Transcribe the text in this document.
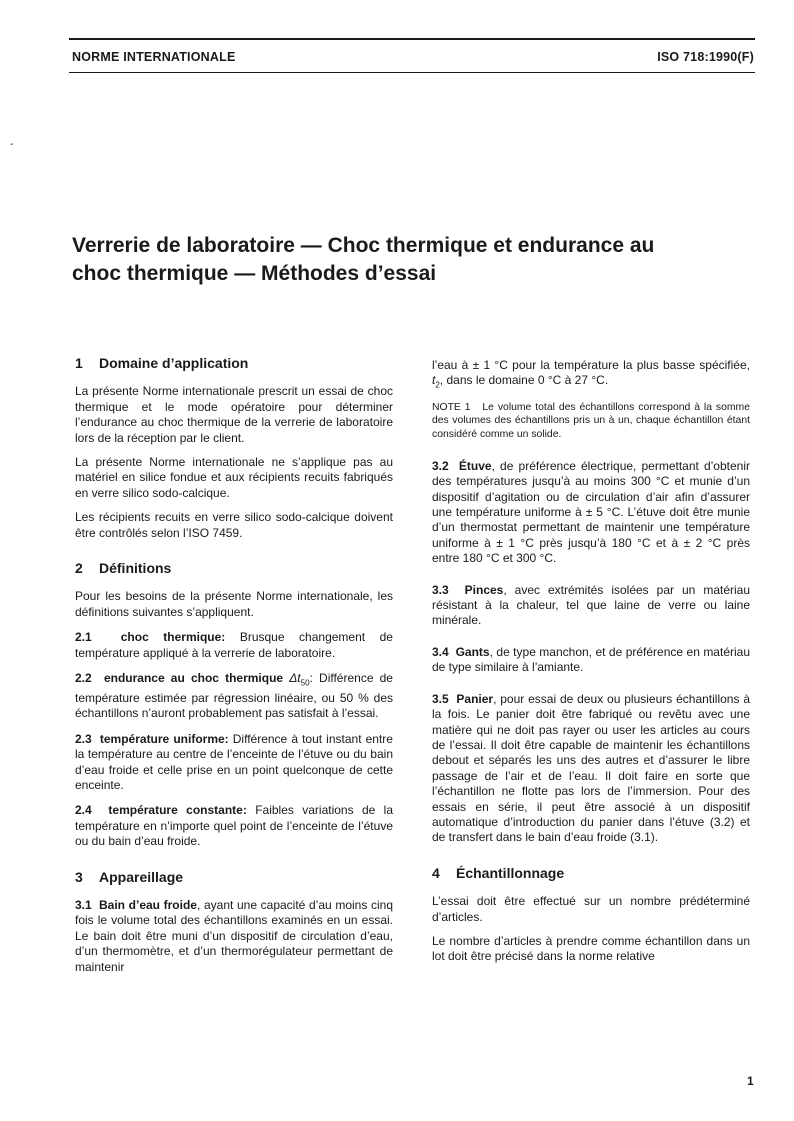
NORME INTERNATIONALE	ISO 718:1990(F)
-
Verrerie de laboratoire — Choc thermique et endurance au
choc thermique — Méthodes d’essai
1 Domaine d’application

La présente Norme internationale prescrit un essai de choc thermique et le mode opératoire pour déterminer l’endurance au choc thermique de la verrerie de laboratoire lors de la réception par le client.

La présente Norme internationale ne s’applique pas au matériel en silice fondue et aux récipients recuits fabriqués en verre silico sodo-calcique.

Les récipients recuits en verre silico sodo-calcique doivent être contrôlés selon l’ISO 7459.

2 Définitions

Pour les besoins de la présente Norme internationale, les définitions suivantes s’appliquent.

2.1 choc thermique: Brusque changement de température appliqué à la verrerie de laboratoire.

2.2 endurance au choc thermique $\Delta t_{50}$: Différence de température estimée par régression linéaire, ou 50 % des échantillons n’auront probablement pas satisfait à l’essai.

2.3 température uniforme: Différence à tout instant entre la température au centre de l’enceinte de l’étuve ou du bain d’eau froide et celle prise en un point quelconque de cette enceinte.

2.4 température constante: Faibles variations de la température en n’importe quel point de l’enceinte de l’étuve ou du bain d’eau froide.

3 Appareillage

3.1 Bain d’eau froide, ayant une capacité d’au moins cinq fois le volume total des échantillons examinés en un essai. Le bain doit être muni d’un dispositif de circulation d’eau, d’un thermomètre, et d’un thermorégulateur permettant de maintenir

l’eau à ± 1 °C pour la température la plus basse spécifiée, $t_2$, dans le domaine 0 °C à 27 °C.

NOTE 1 Le volume total des échantillons correspond à la somme des volumes des échantillons pris un à un, chaque échantillon étant considéré comme un solide.

3.2 Étuve, de préférence électrique, permettant d’obtenir des températures jusqu’à au moins 300 °C et munie d’un dispositif d’agitation ou de circulation d’air afin d’assurer une température uniforme à ± 5 °C. L’étuve doit être munie d’un thermostat permettant de maintenir une température uniforme à ± 1 °C près jusqu’à 180 °C et à ± 2 °C près entre 180 °C et 300 °C.

3.3 Pinces, avec extrémités isolées par un matériau résistant à la chaleur, tel que laine de verre ou laine minérale.

3.4 Gants, de type manchon, et de préférence en matériau de type similaire à l’amiante.

3.5 Panier, pour essai de deux ou plusieurs échantillons à la fois. Le panier doit être fabriqué ou revêtu avec une matière qui ne doit pas rayer ou user les articles au cours de l’essai. Il doit être capable de maintenir les échantillons debout et séparés les uns des autres et d’assurer le libre passage de l’air et de l’eau. Il doit faire en sorte que l’échantillon ne flotte pas lors de l’immersion. Pour des essais en série, il peut être associé à un dispositif automatique d’introduction du panier dans l’étuve (3.2) et de transfert dans le bain d’eau froide (3.1).

4 Échantillonnage

L’essai doit être effectué sur un nombre prédéterminé d’articles.

Le nombre d’articles à prendre comme échantillon dans un lot doit être précisé dans la norme relative

1
